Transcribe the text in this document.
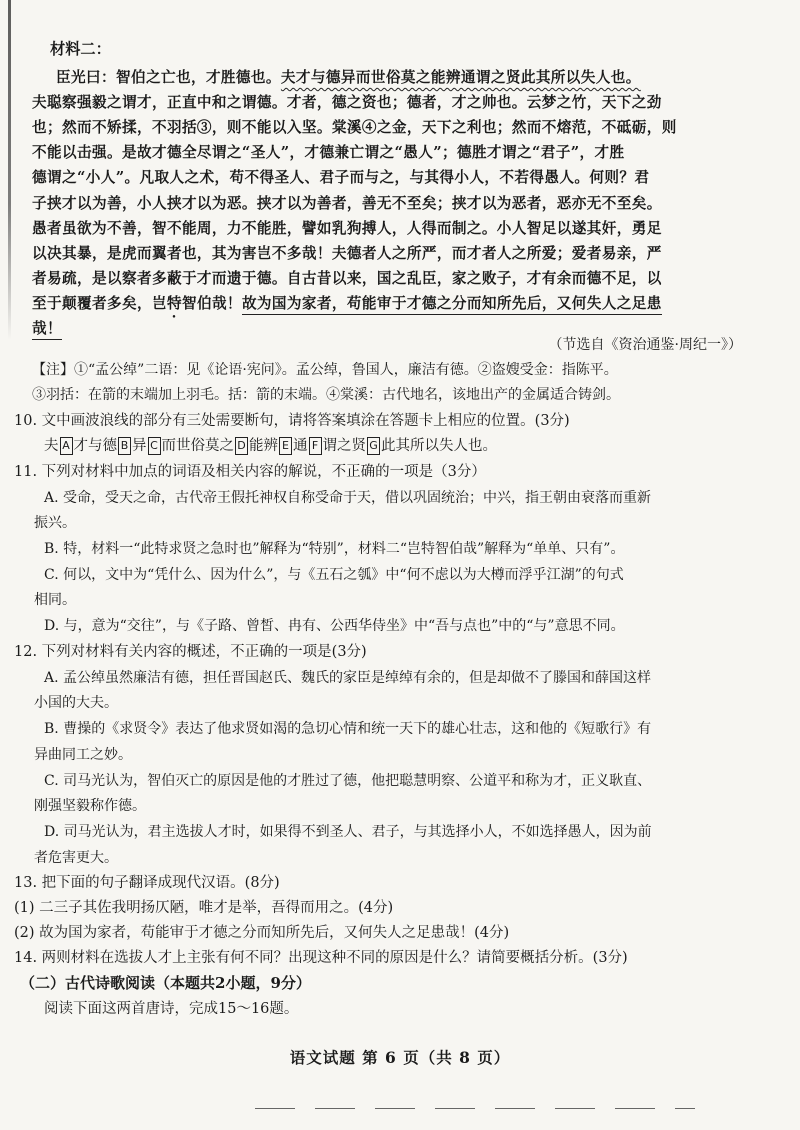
材料二：
臣光曰：智伯之亡也，才胜德也。夫才与德异而世俗莫之能辨通谓之贤此其所以失人也。
夫聪察强毅之谓才，正直中和之谓德。才者，德之资也；德者，才之帅也。云梦之竹，天下之劲
也；然而不矫揉，不羽括③，则不能以入坚。棠溪④之金，天下之利也；然而不熔范，不砥砺，则
不能以击强。是故才德全尽谓之“圣人”，才德兼亡谓之“愚人”；德胜才谓之“君子”，才胜
德谓之“小人”。凡取人之术，苟不得圣人、君子而与之，与其得小人，不若得愚人。何则？君
子挟才以为善，小人挟才以为恶。挟才以为善者，善无不至矣；挟才以为恶者，恶亦无不至矣。
愚者虽欲为不善，智不能周，力不能胜，譬如乳狗搏人，人得而制之。小人智足以遂其奸，勇足
以决其暴，是虎而翼者也，其为害岂不多哉！夫德者人之所严，而才者人之所爱；爱者易亲，严
者易疏，是以察者多蔽于才而遗于德。自古昔以来，国之乱臣，家之败子，才有余而德不足，以
至于颠覆者多矣，岂特智伯哉！故为国为家者，苟能审于才德之分而知所先后，又何失人之足患
哉！
（节选自《资治通鉴·周纪一》）
【注】①“孟公绰”二语：见《论语·宪问》。孟公绰，鲁国人，廉洁有德。②盗嫂受金：指陈平。
③羽括：在箭的末端加上羽毛。括：箭的末端。④棠溪：古代地名，该地出产的金属适合铸剑。
10. 文中画波浪线的部分有三处需要断句，请将答案填涂在答题卡上相应的位置。(3分)
夫 A 才与德 B 异 C 而世俗莫之 D 能辨 E 通 F 谓之贤 G 此其所以失人也。
11. 下列对材料中加点的词语及相关内容的解说，不正确的一项是（3分）
A. 受命，受天之命，古代帝王假托神权自称受命于天，借以巩固统治；中兴，指王朝由衰落而重新
振兴。
B. 特，材料一“此特求贤之急时也”解释为“特别”，材料二“岂特智伯哉”解释为“单单、只有”。
C. 何以，文中为“凭什么、因为什么”，与《五石之瓠》中“何不虑以为大樽而浮乎江湖”的句式
相同。
D. 与，意为“交往”，与《子路、曾皙、冉有、公西华侍坐》中“吾与点也”中的“与”意思不同。
12. 下列对材料有关内容的概述，不正确的一项是(3分)
A. 孟公绰虽然廉洁有德，担任晋国赵氏、魏氏的家臣是绰绰有余的，但是却做不了滕国和薛国这样
小国的大夫。
B. 曹操的《求贤令》表达了他求贤如渴的急切心情和统一天下的雄心壮志，这和他的《短歌行》有
异曲同工之妙。
C. 司马光认为，智伯灭亡的原因是他的才胜过了德，他把聪慧明察、公道平和称为才，正义耿直、
刚强坚毅称作德。
D. 司马光认为，君主选拔人才时，如果得不到圣人、君子，与其选择小人，不如选择愚人，因为前
者危害更大。
13. 把下面的句子翻译成现代汉语。(8分)
(1) 二三子其佐我明扬仄陋，唯才是举，吾得而用之。(4分)
(2) 故为国为家者，苟能审于才德之分而知所先后，又何失人之足患哉！(4分)
14. 两则材料在选拔人才上主张有何不同？出现这种不同的原因是什么？请简要概括分析。(3分)
（二）古代诗歌阅读（本题共2小题，9分）
阅读下面这两首唐诗，完成15～16题。
语文试题 第 6 页（共 8 页）
